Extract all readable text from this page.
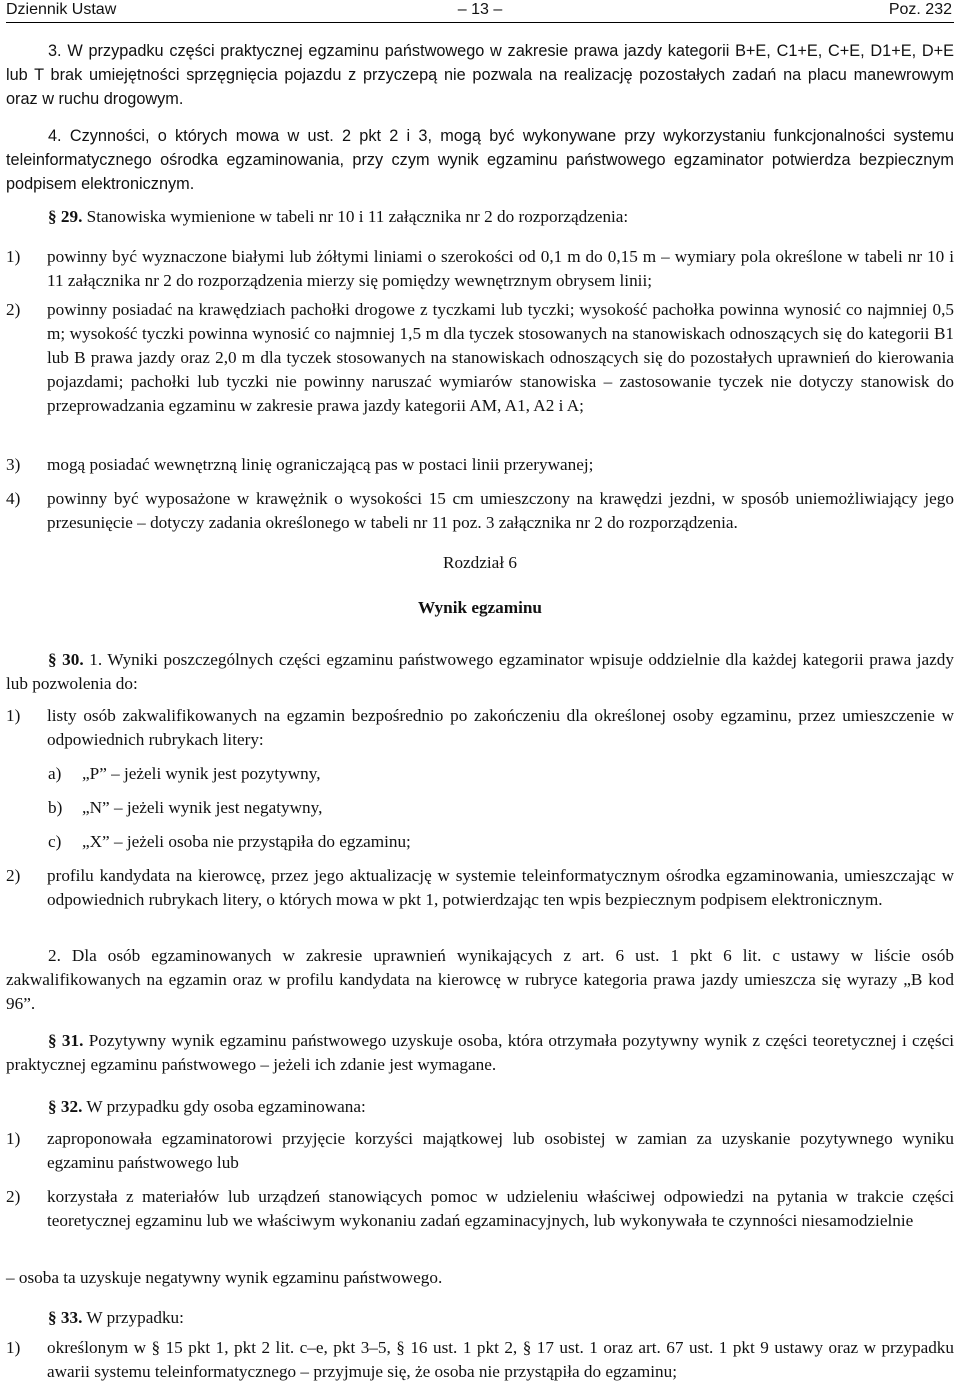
Dziennik Ustaw	– 13 –	Poz. 232

3. W przypadku części praktycznej egzaminu państwowego w zakresie prawa jazdy kategorii B+E, C1+E, C+E, D1+E, D+E lub T brak umiejętności sprzęgnięcia pojazdu z przyczepą nie pozwala na realizację pozostałych zadań na placu manewrowym oraz w ruchu drogowym.

4. Czynności, o których mowa w ust. 2 pkt 2 i 3, mogą być wykonywane przy wykorzystaniu funkcjonalności systemu teleinformatycznego ośrodka egzaminowania, przy czym wynik egzaminu państwowego egzaminator potwierdza bezpiecznym podpisem elektronicznym.

§ 29. Stanowiska wymienione w tabeli nr 10 i 11 załącznika nr 2 do rozporządzenia:

1) powinny być wyznaczone białymi lub żółtymi liniami o szerokości od 0,1 m do 0,15 m – wymiary pola określone w tabeli nr 10 i 11 załącznika nr 2 do rozporządzenia mierzy się pomiędzy wewnętrznym obrysem linii;

2) powinny posiadać na krawędziach pachołki drogowe z tyczkami lub tyczki; wysokość pachołka powinna wynosić co najmniej 0,5 m; wysokość tyczki powinna wynosić co najmniej 1,5 m dla tyczek stosowanych na stanowiskach odnoszących się do kategorii B1 lub B prawa jazdy oraz 2,0 m dla tyczek stosowanych na stanowiskach odnoszących się do pozostałych uprawnień do kierowania pojazdami; pachołki lub tyczki nie powinny naruszać wymiarów stanowiska – zastosowanie tyczek nie dotyczy stanowisk do przeprowadzania egzaminu w zakresie prawa jazdy kategorii AM, A1, A2 i A;

3) mogą posiadać wewnętrzną linię ograniczającą pas w postaci linii przerywanej;

4) powinny być wyposażone w krawężnik o wysokości 15 cm umieszczony na krawędzi jezdni, w sposób uniemożliwiający jego przesunięcie – dotyczy zadania określonego w tabeli nr 11 poz. 3 załącznika nr 2 do rozporządzenia.

Rozdział 6
Wynik egzaminu

§ 30. 1. Wyniki poszczególnych części egzaminu państwowego egzaminator wpisuje oddzielnie dla każdej kategorii prawa jazdy lub pozwolenia do:

1) listy osób zakwalifikowanych na egzamin bezpośrednio po zakończeniu dla określonej osoby egzaminu, przez umieszczenie w odpowiednich rubrykach litery:

a) „P” – jeżeli wynik jest pozytywny,

b) „N” – jeżeli wynik jest negatywny,

c) „X” – jeżeli osoba nie przystąpiła do egzaminu;

2) profilu kandydata na kierowcę, przez jego aktualizację w systemie teleinformatycznym ośrodka egzaminowania, umieszczając w odpowiednich rubrykach litery, o których mowa w pkt 1, potwierdzając ten wpis bezpiecznym podpisem elektronicznym.

2. Dla osób egzaminowanych w zakresie uprawnień wynikających z art. 6 ust. 1 pkt 6 lit. c ustawy w liście osób zakwalifikowanych na egzamin oraz w profilu kandydata na kierowcę w rubryce kategoria prawa jazdy umieszcza się wyrazy „B kod 96”.

§ 31. Pozytywny wynik egzaminu państwowego uzyskuje osoba, która otrzymała pozytywny wynik z części teoretycznej i części praktycznej egzaminu państwowego – jeżeli ich zdanie jest wymagane.

§ 32. W przypadku gdy osoba egzaminowana:

1) zaproponowała egzaminatorowi przyjęcie korzyści majątkowej lub osobistej w zamian za uzyskanie pozytywnego wyniku egzaminu państwowego lub

2) korzystała z materiałów lub urządzeń stanowiących pomoc w udzieleniu właściwej odpowiedzi na pytania w trakcie części teoretycznej egzaminu lub we właściwym wykonaniu zadań egzaminacyjnych, lub wykonywała te czynności niesamodzielnie

– osoba ta uzyskuje negatywny wynik egzaminu państwowego.

§ 33. W przypadku:

1) określonym w § 15 pkt 1, pkt 2 lit. c–e, pkt 3–5, § 16 ust. 1 pkt 2, § 17 ust. 1 oraz art. 67 ust. 1 pkt 9 ustawy oraz w przypadku awarii systemu teleinformatycznego – przyjmuje się, że osoba nie przystąpiła do egzaminu;
